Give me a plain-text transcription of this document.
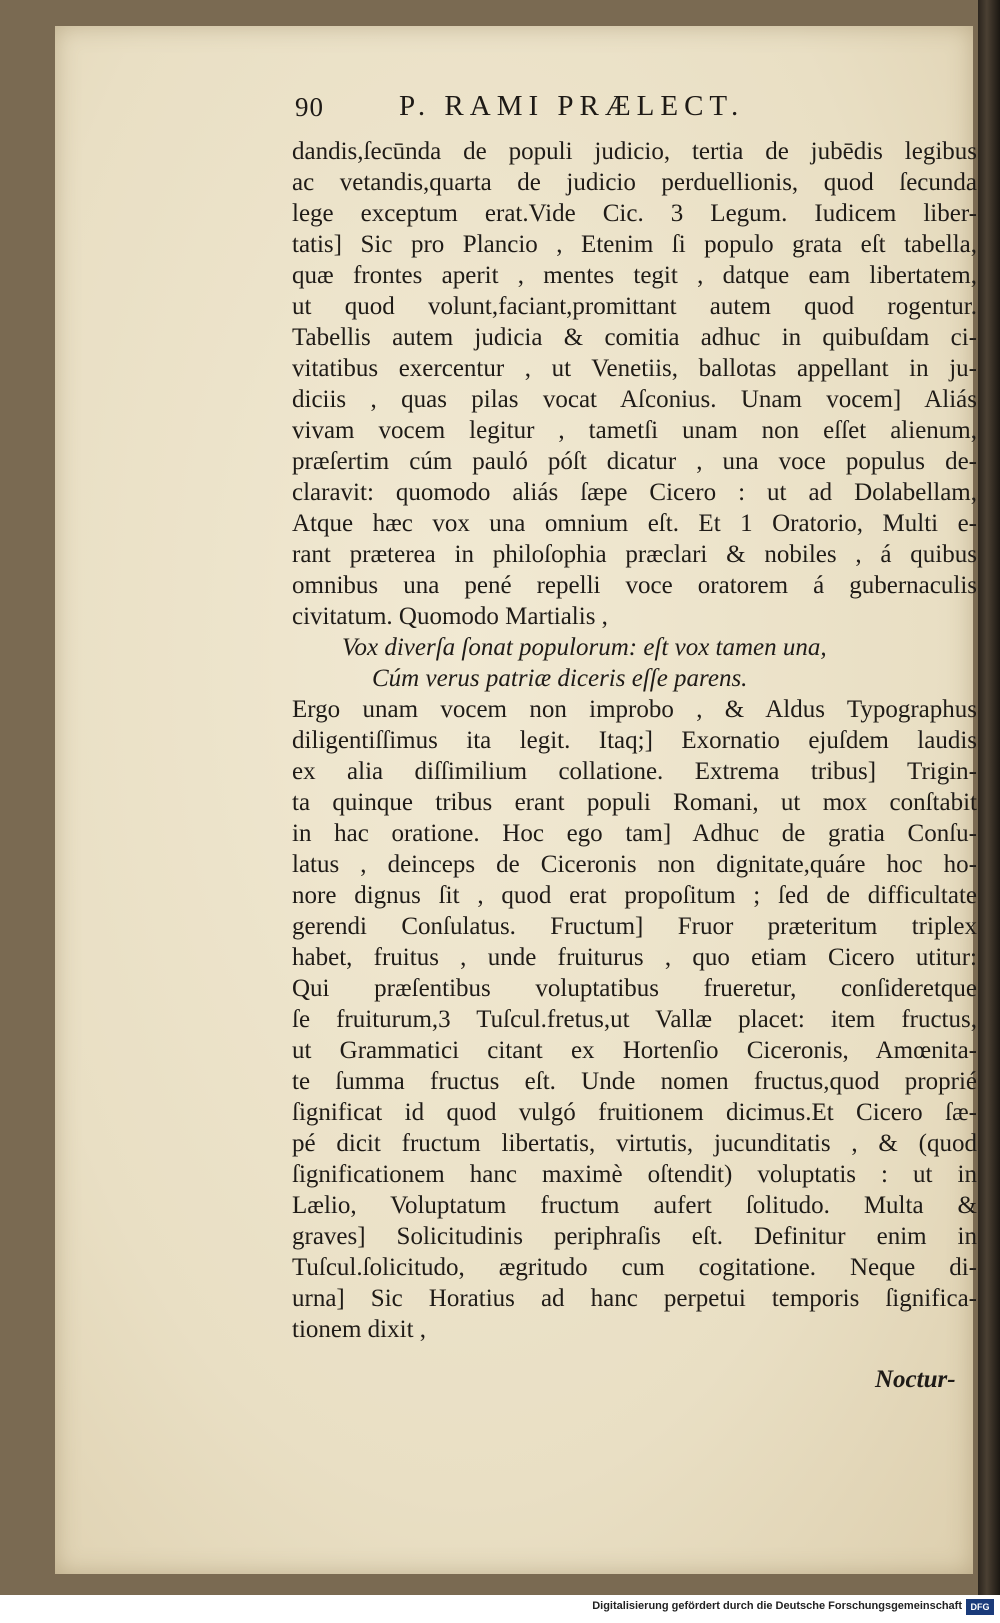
90	P. RAMI PRÆLECT.
Noctur-
dandis,ſecūnda de populi judicio, tertia de jubēdis legibus
ac vetandis,quarta de judicio perduellionis, quod ſecunda
lege exceptum erat.Vide Cic. 3 Legum. Iudicem liber-
tatis] Sic pro Plancio , Etenim ſi populo grata eſt tabella,
quæ frontes aperit , mentes tegit , datque eam libertatem,
ut quod volunt,faciant,promittant autem quod rogentur.
Tabellis autem judicia & comitia adhuc in quibuſdam ci-
vitatibus exercentur , ut Venetiis, ballotas appellant in ju-
diciis , quas pilas vocat Aſconius. Unam vocem] Aliás
vivam vocem legitur , tametſi unam non eſſet alienum,
præſertim cúm pauló póſt dicatur , una voce populus de-
claravit: quomodo aliás ſæpe Cicero : ut ad Dolabellam,
Atque hæc vox una omnium eſt. Et 1 Oratorio, Multi e-
rant præterea in philoſophia præclari & nobiles , á quibus
omnibus una pené repelli voce oratorem á gubernaculis
civitatum. Quomodo Martialis ,
Vox diverſa ſonat populorum: eſt vox tamen una,
Cúm verus patriæ diceris eſſe parens.
Ergo unam vocem non improbo , & Aldus Typographus
diligentiſſimus ita legit. Itaq;] Exornatio ejuſdem laudis
ex alia diſſimilium collatione. Extrema tribus] Trigin-
ta quinque tribus erant populi Romani, ut mox conſtabit
in hac oratione. Hoc ego tam] Adhuc de gratia Conſu-
latus , deinceps de Ciceronis non dignitate,quáre hoc ho-
nore dignus ſit , quod erat propoſitum ; ſed de difficultate
gerendi Conſulatus. Fructum] Fruor præteritum triplex
habet, fruitus , unde fruiturus , quo etiam Cicero utitur:
Qui præſentibus voluptatibus frueretur, conſideretque
ſe fruiturum,3 Tuſcul.fretus,ut Vallæ placet: item fructus,
ut Grammatici citant ex Hortenſio Ciceronis, Amœnita-
te ſumma fructus eſt. Unde nomen fructus,quod proprié
ſignificat id quod vulgó fruitionem dicimus.Et Cicero ſæ-
pé dicit fructum libertatis, virtutis, jucunditatis , & (quod
ſignificationem hanc maximè oſtendit) voluptatis : ut in
Lælio, Voluptatum fructum aufert ſolitudo. Multa &
graves] Solicitudinis periphraſis eſt. Definitur enim in
Tuſcul.ſolicitudo, ægritudo cum cogitatione. Neque di-
urna] Sic Horatius ad hanc perpetui temporis ſignifica-
tionem dixit ,
Digitalisierung gefördert durch die Deutsche Forschungsgemeinschaft DFG
